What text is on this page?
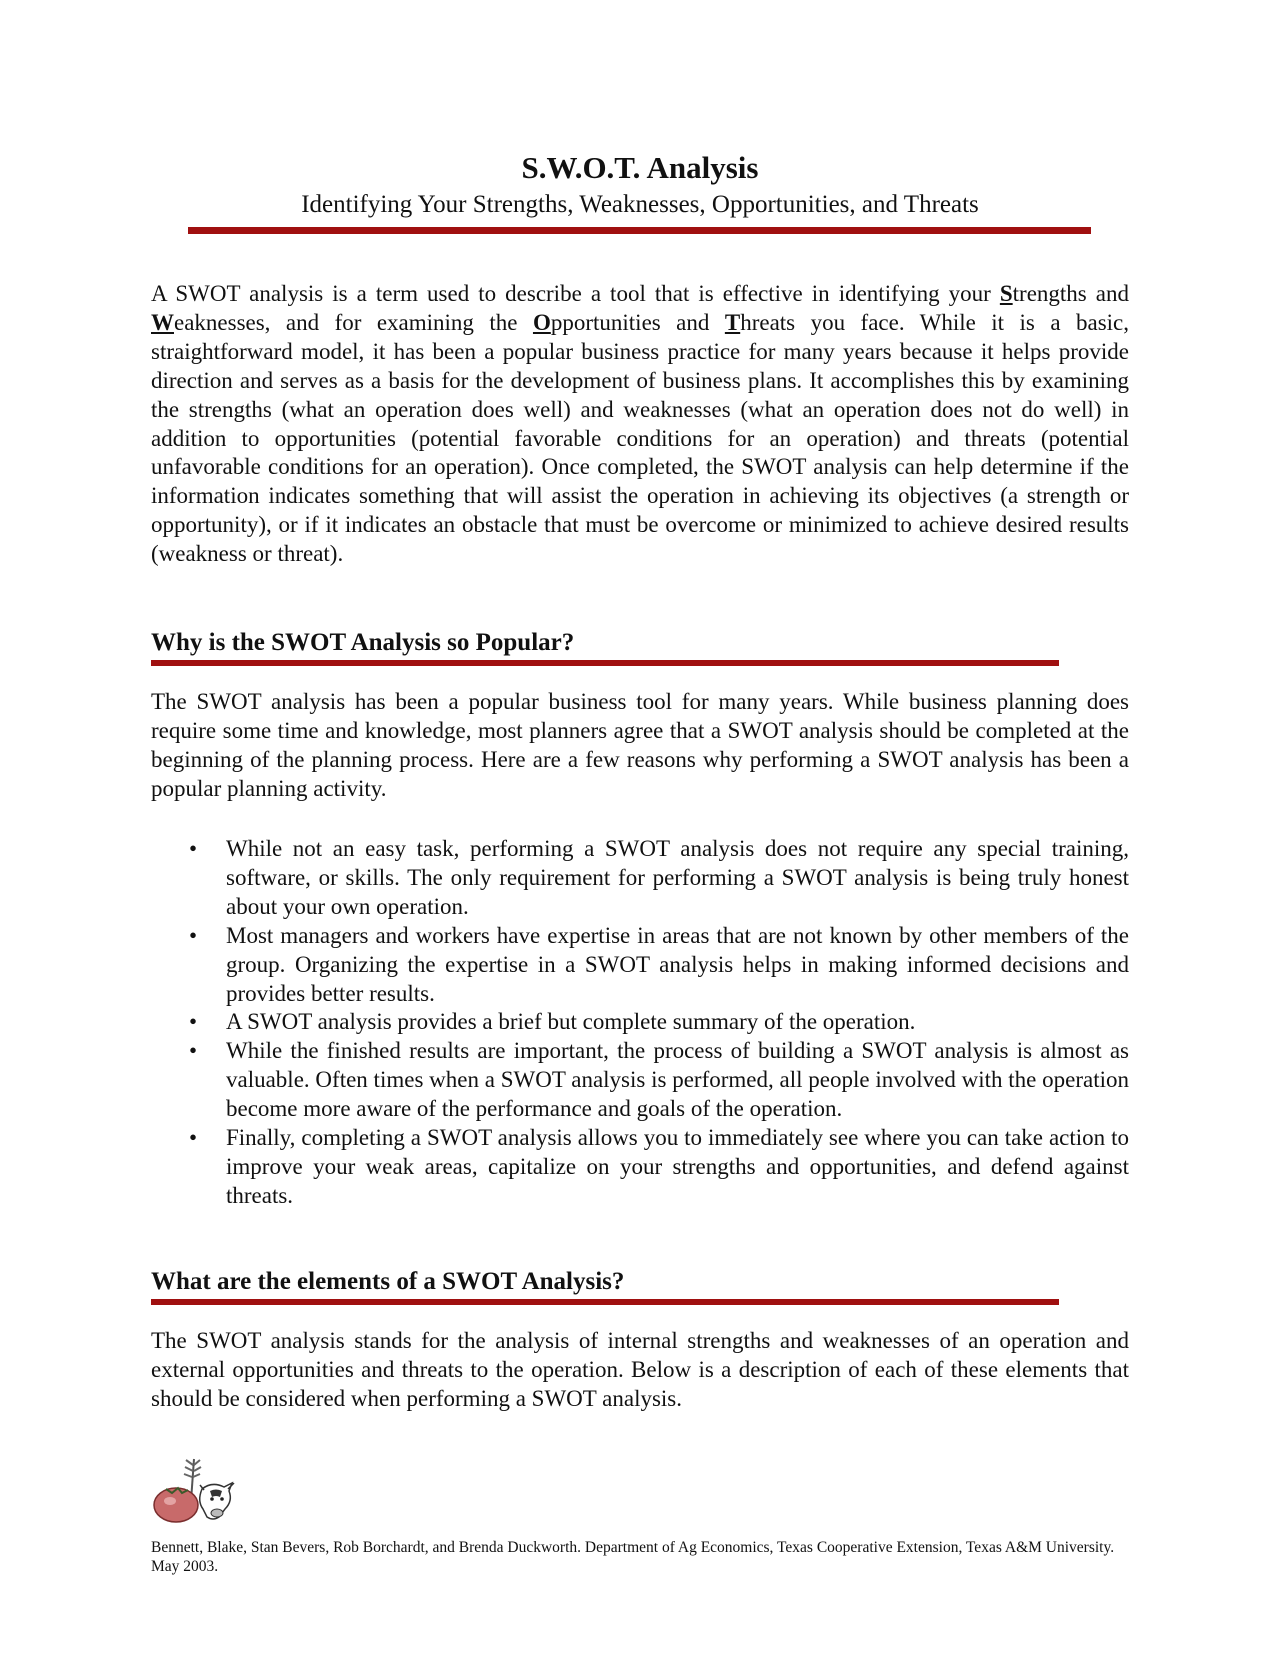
S.W.O.T. Analysis

Identifying Your Strengths, Weaknesses, Opportunities, and Threats

A SWOT analysis is a term used to describe a tool that is effective in identifying your Strengths and Weaknesses, and for examining the Opportunities and Threats you face. While it is a basic, straightforward model, it has been a popular business practice for many years because it helps provide direction and serves as a basis for the development of business plans. It accomplishes this by examining the strengths (what an operation does well) and weaknesses (what an operation does not do well) in addition to opportunities (potential favorable conditions for an operation) and threats (potential unfavorable conditions for an operation). Once completed, the SWOT analysis can help determine if the information indicates something that will assist the operation in achieving its objectives (a strength or opportunity), or if it indicates an obstacle that must be overcome or minimized to achieve desired results (weakness or threat).

Why is the SWOT Analysis so Popular?

The SWOT analysis has been a popular business tool for many years. While business planning does require some time and knowledge, most planners agree that a SWOT analysis should be completed at the beginning of the planning process. Here are a few reasons why performing a SWOT analysis has been a popular planning activity.

• While not an easy task, performing a SWOT analysis does not require any special training, software, or skills. The only requirement for performing a SWOT analysis is being truly honest about your own operation.
• Most managers and workers have expertise in areas that are not known by other members of the group. Organizing the expertise in a SWOT analysis helps in making informed decisions and provides better results.
• A SWOT analysis provides a brief but complete summary of the operation.
• While the finished results are important, the process of building a SWOT analysis is almost as valuable. Often times when a SWOT analysis is performed, all people involved with the operation become more aware of the performance and goals of the operation.
• Finally, completing a SWOT analysis allows you to immediately see where you can take action to improve your weak areas, capitalize on your strengths and opportunities, and defend against threats.
What are the elements of a SWOT Analysis?

The SWOT analysis stands for the analysis of internal strengths and weaknesses of an operation and external opportunities and threats to the operation. Below is a description of each of these elements that should be considered when performing a SWOT analysis.

Bennett, Blake, Stan Bevers, Rob Borchardt, and Brenda Duckworth. Department of Ag Economics, Texas Cooperative Extension, Texas A&M University. May 2003.
